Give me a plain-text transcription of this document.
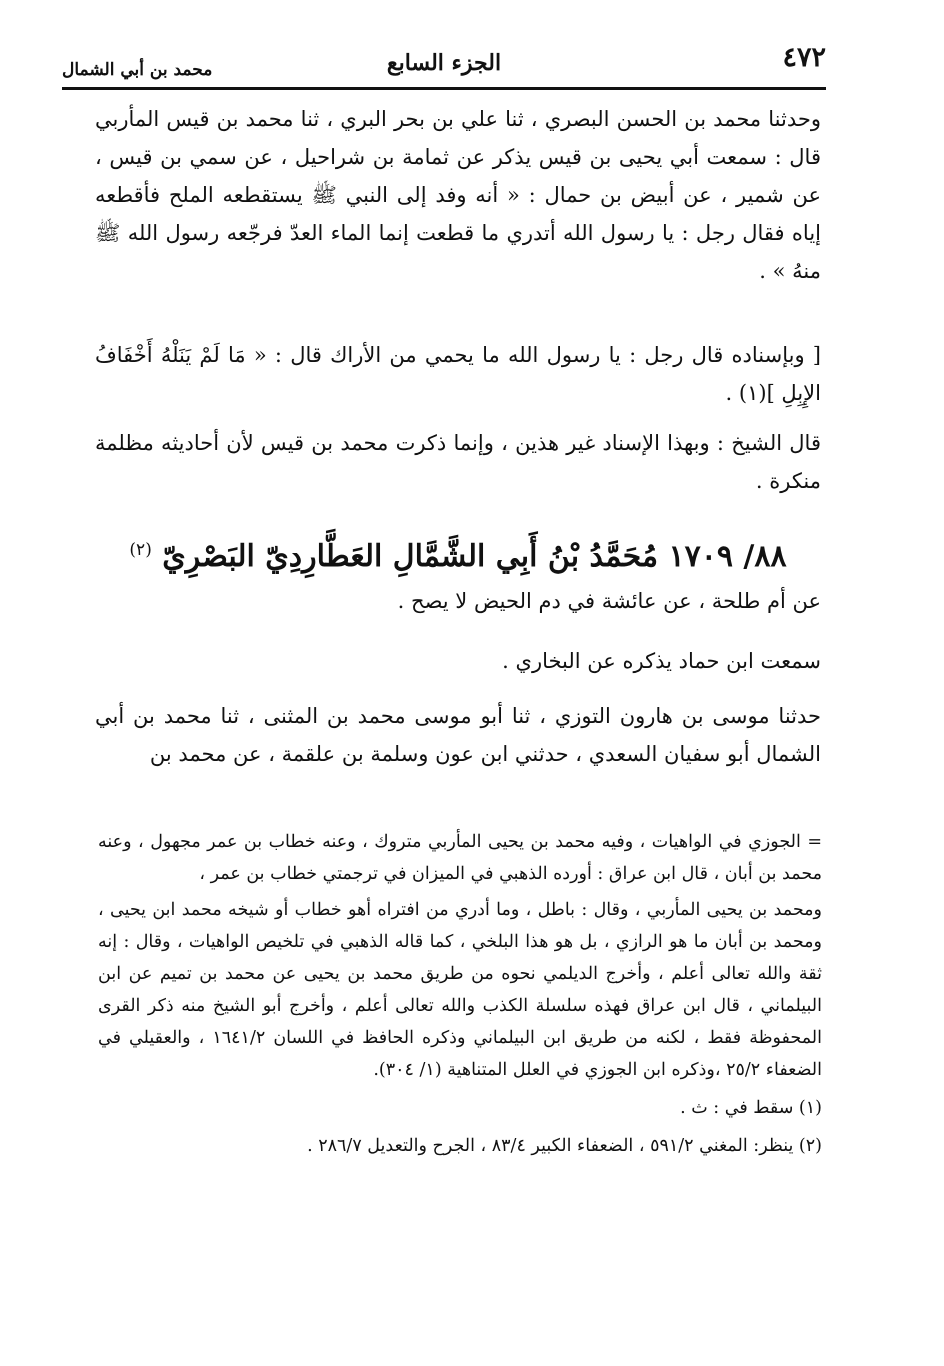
٤٧٢
الجزء السابع
محمد بن أبي الشمال
وحدثنا محمد بن الحسن البصري ، ثنا علي بن بحر البري ، ثنا محمد بن قيس المأربي قال : سمعت أبي يحيى بن قيس يذكر عن ثمامة بن شراحيل ، عن سمي بن قيس ، عن شمير ، عن أبيض بن حمال : « أنه وفد إلى النبي ﷺ يستقطعه الملح فأقطعه إياه فقال رجل : يا رسول الله أتدري ما قطعت إنما الماء العدّ فرجّعه رسول الله ﷺ منهُ » .
[ وبإسناده قال رجل : يا رسول الله ما يحمي من الأراك قال : « مَا لَمْ يَنَلْهُ أَخْفَافُ الإِبِلِ ](١) .
قال الشيخ : وبهذا الإسناد غير هذين ، وإنما ذكرت محمد بن قيس لأن أحاديثه مظلمة منكرة .
٨٨/ ١٧٠٩ مُحَمَّدُ بْنُ أَبِي الشَّمَّالِ العَطَّارِدِيّ البَصْرِيّ $^{(٢)}$
عن أم طلحة ، عن عائشة في دم الحيض لا يصح .
سمعت ابن حماد يذكره عن البخاري .
حدثنا موسى بن هارون التوزي ، ثنا أبو موسى محمد بن المثنى ، ثنا محمد بن أبي الشمال أبو سفيان السعدي ، حدثني ابن عون وسلمة بن علقمة ، عن محمد بن

= الجوزي في الواهيات ، وفيه محمد بن يحيى المأربي متروك ، وعنه خطاب بن عمر مجهول ، وعنه محمد بن أبان ، قال ابن عراق : أورده الذهبي في الميزان في ترجمتي خطاب بن عمر ،

ومحمد بن يحيى المأربي ، وقال : باطل ، وما أدري من افتراه أهو خطاب أو شيخه محمد ابن يحيى ، ومحمد بن أبان ما هو الرازي ، بل هو هذا البلخي ، كما قاله الذهبي في تلخيص الواهيات ، وقال : إنه ثقة والله تعالى أعلم ، وأخرج الديلمي نحوه من طريق محمد بن يحيى عن محمد بن تميم عن ابن البيلماني ، قال ابن عراق فهذه سلسلة الكذب والله تعالى أعلم ، وأخرج أبو الشيخ منه ذكر القرى المحفوظة فقط ، لكنه من طريق ابن البيلماني وذكره الحافظ في اللسان ١٦٤١/٢ ، والعقيلي في الضعفاء ٢٥/٢ ،وذكره ابن الجوزي في العلل المتناهية (١/ ٣٠٤).

(١) سقط في : ث .

(٢) ينظر: المغني ٥٩١/٢ ، الضعفاء الكبير ٨٣/٤ ، الجرح والتعديل ٢٨٦/٧ .
